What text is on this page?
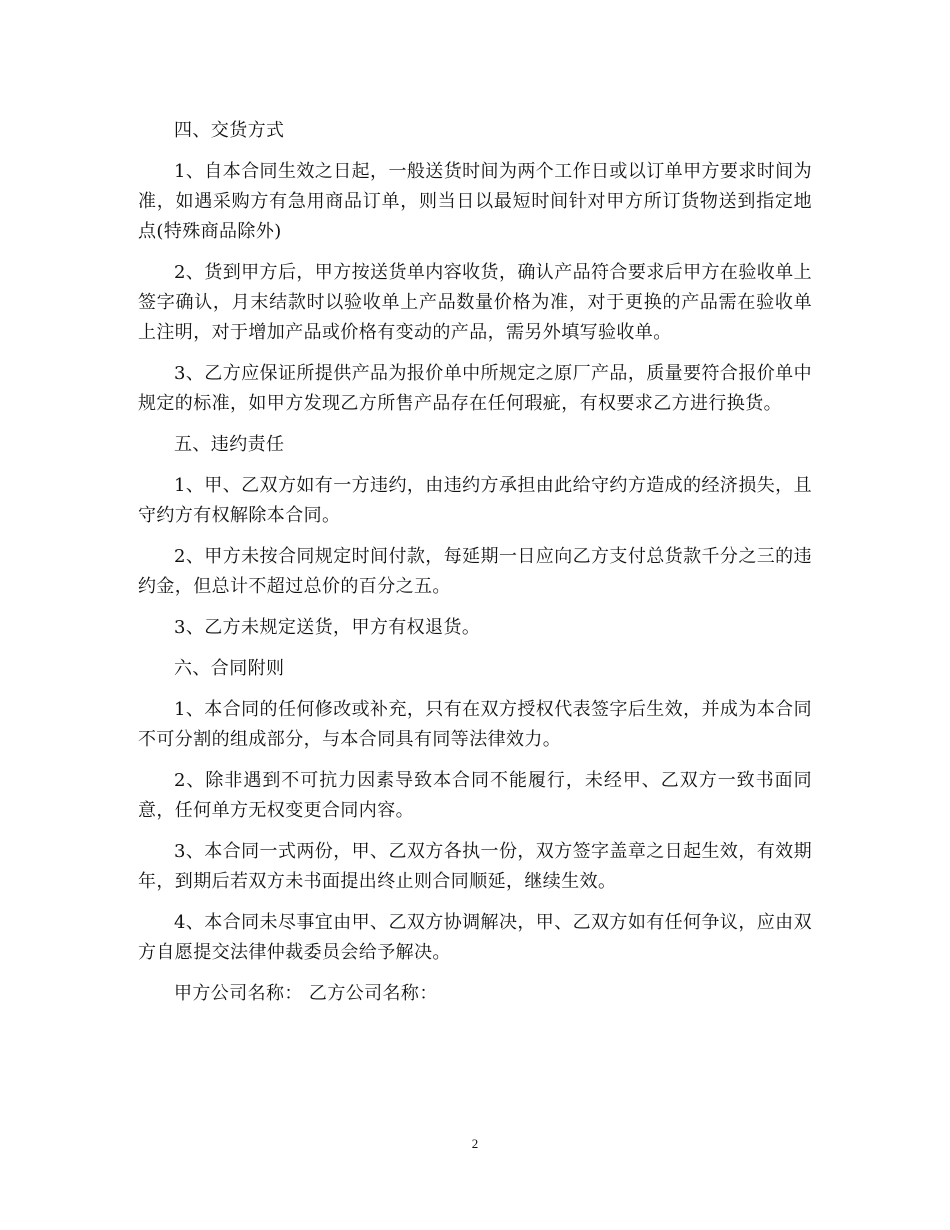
四、交货方式

1、自本合同生效之日起，一般送货时间为两个工作日或以订单甲方要求时间为准，如遇采购方有急用商品订单，则当日以最短时间针对甲方所订货物送到指定地点(特殊商品除外)

2、货到甲方后，甲方按送货单内容收货，确认产品符合要求后甲方在验收单上签字确认，月末结款时以验收单上产品数量价格为准，对于更换的产品需在验收单上注明，对于增加产品或价格有变动的产品，需另外填写验收单。

3、乙方应保证所提供产品为报价单中所规定之原厂产品，质量要符合报价单中规定的标准，如甲方发现乙方所售产品存在任何瑕疵，有权要求乙方进行换货。

五、违约责任

1、甲、乙双方如有一方违约，由违约方承担由此给守约方造成的经济损失，且守约方有权解除本合同。

2、甲方未按合同规定时间付款，每延期一日应向乙方支付总货款千分之三的违约金，但总计不超过总价的百分之五。

3、乙方未规定送货，甲方有权退货。

六、合同附则

1、本合同的任何修改或补充，只有在双方授权代表签字后生效，并成为本合同不可分割的组成部分，与本合同具有同等法律效力。

2、除非遇到不可抗力因素导致本合同不能履行，未经甲、乙双方一致书面同意，任何单方无权变更合同内容。

3、本合同一式两份，甲、乙双方各执一份，双方签字盖章之日起生效，有效期 年，到期后若双方未书面提出终止则合同顺延，继续生效。

4、本合同未尽事宜由甲、乙双方协调解决，甲、乙双方如有任何争议，应由双方自愿提交法律仲裁委员会给予解决。

甲方公司名称： 乙方公司名称：

2
